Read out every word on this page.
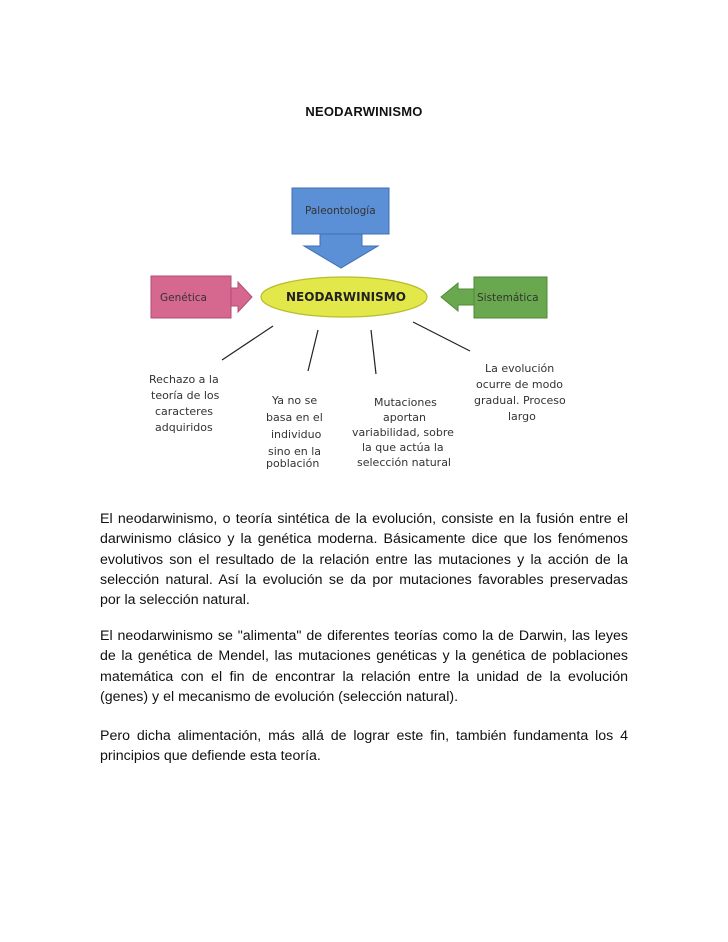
NEODARWINISMO
Paleontología
Genética	Sistemática
NEODARWINISMO
Rechazo a la teoría de los caracteres adquiridos
Ya no se basa en el individuo sino en la población
Mutaciones aportan variabilidad, sobre la que actúa la selección natural
La evolución ocurre de modo gradual. Proceso largo

El neodarwinismo, o teoría sintética de la evolución, consiste en la fusión entre el darwinismo clásico y la genética moderna. Básicamente dice que los fenómenos evolutivos son el resultado de la relación entre las mutaciones y la acción de la selección natural. Así la evolución se da por mutaciones favorables preservadas por la selección natural.

El neodarwinismo se "alimenta" de diferentes teorías como la de Darwin, las leyes de la genética de Mendel, las mutaciones genéticas y la genética de poblaciones matemática con el fin de encontrar la relación entre la unidad de la evolución (genes) y el mecanismo de evolución (selección natural).

Pero dicha alimentación, más allá de lograr este fin, también fundamenta los 4 principios que defiende esta teoría.
